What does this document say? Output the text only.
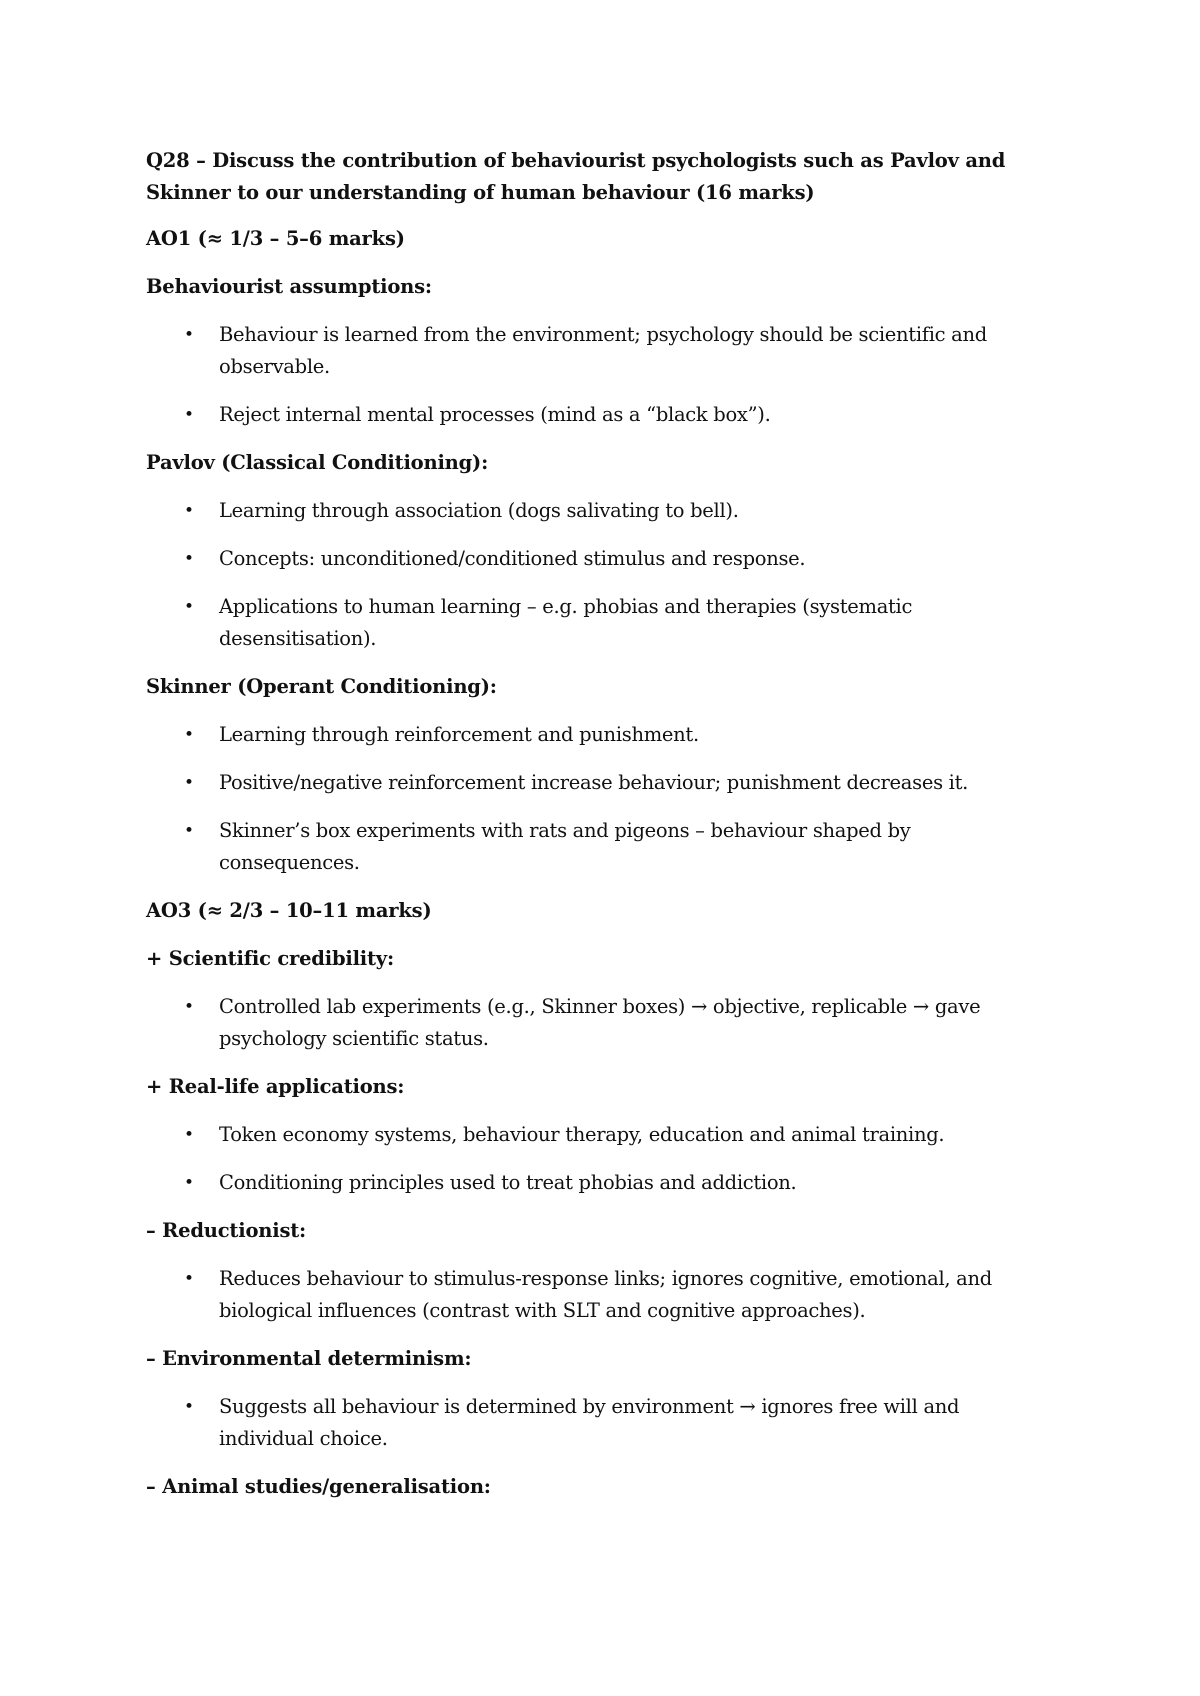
Q28 – Discuss the contribution of behaviourist psychologists such as Pavlov and Skinner to our understanding of human behaviour (16 marks)
AO1 (≈ 1/3 – 5–6 marks)
Behaviourist assumptions:
• Behaviour is learned from the environment; psychology should be scientific and observable.
• Reject internal mental processes (mind as a “black box”).
Pavlov (Classical Conditioning):
• Learning through association (dogs salivating to bell).
• Concepts: unconditioned/conditioned stimulus and response.
• Applications to human learning – e.g. phobias and therapies (systematic desensitisation).
Skinner (Operant Conditioning):
• Learning through reinforcement and punishment.
• Positive/negative reinforcement increase behaviour; punishment decreases it.
• Skinner’s box experiments with rats and pigeons – behaviour shaped by consequences.
AO3 (≈ 2/3 – 10–11 marks)
+ Scientific credibility:
• Controlled lab experiments (e.g., Skinner boxes) → objective, replicable → gave psychology scientific status.
+ Real-life applications:
• Token economy systems, behaviour therapy, education and animal training.
• Conditioning principles used to treat phobias and addiction.
– Reductionist:
• Reduces behaviour to stimulus-response links; ignores cognitive, emotional, and biological influences (contrast with SLT and cognitive approaches).
– Environmental determinism:
• Suggests all behaviour is determined by environment → ignores free will and individual choice.
– Animal studies/generalisation:
